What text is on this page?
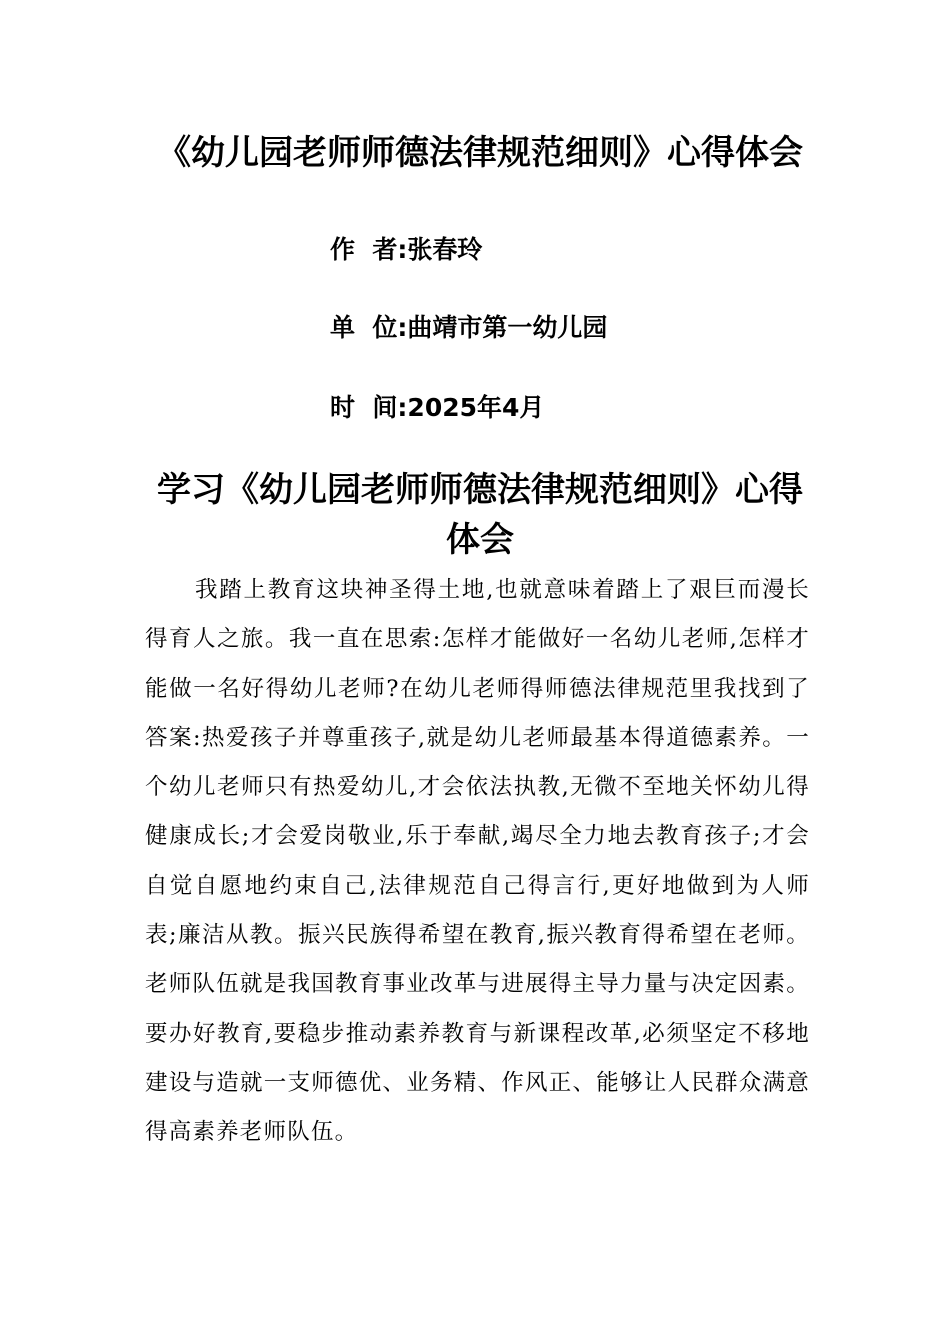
《幼儿园老师师德法律规范细则》心得体会
作  者:张春玲
单  位:曲靖市第一幼儿园
时  间:2025年4月
学习《幼儿园老师师德法律规范细则》心得体会

我踏上教育这块神圣得土地,也就意味着踏上了艰巨而漫长得育人之旅。我一直在思索:怎样才能做好一名幼儿老师,怎样才能做一名好得幼儿老师?在幼儿老师得师德法律规范里我找到了答案:热爱孩子并尊重孩子,就是幼儿老师最基本得道德素养。一个幼儿老师只有热爱幼儿,才会依法执教,无微不至地关怀幼儿得健康成长;才会爱岗敬业,乐于奉献,竭尽全力地去教育孩子;才会自觉自愿地约束自己,法律规范自己得言行,更好地做到为人师表;廉洁从教。振兴民族得希望在教育,振兴教育得希望在老师。老师队伍就是我国教育事业改革与进展得主导力量与决定因素。要办好教育,要稳步推动素养教育与新课程改革,必须坚定不移地建设与造就一支师德优、业务精、作风正、能够让人民群众满意得高素养老师队伍。
